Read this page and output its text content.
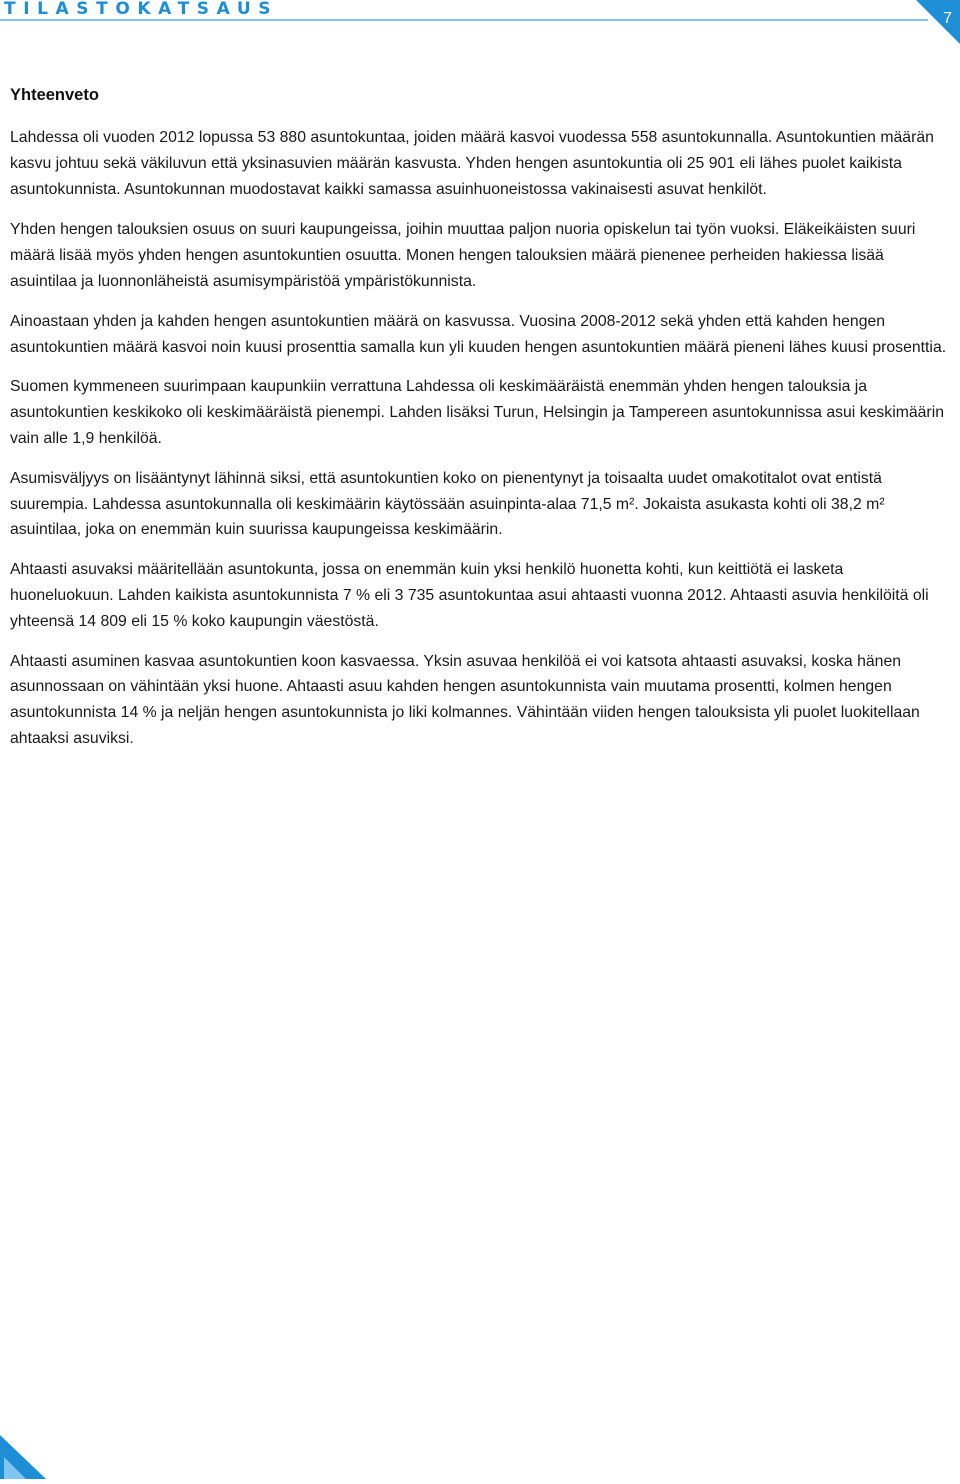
TILASTOKATSAUS	7
Yhteenveto

Lahdessa oli vuoden 2012 lopussa 53 880 asuntokuntaa, joiden määrä kasvoi vuodessa 558 asuntokunnalla. Asuntokuntien määrän kasvu johtuu sekä väkiluvun että yksinasuvien määrän kasvusta. Yhden hengen asuntokuntia oli 25 901 eli lähes puolet kaikista asuntokunnista. Asuntokunnan muodostavat kaikki samassa asuinhuoneistossa vakinaisesti asuvat henkilöt.

Yhden hengen talouksien osuus on suuri kaupungeissa, joihin muuttaa paljon nuoria opiskelun tai työn vuoksi. Eläkeikäisten suuri määrä lisää myös yhden hengen asuntokuntien osuutta. Monen hengen talouksien määrä pienenee perheiden hakiessa lisää asuintilaa ja luonnonläheistä asumisympäristöä ympäristökunnista.

Ainoastaan yhden ja kahden hengen asuntokuntien määrä on kasvussa. Vuosina 2008-2012 sekä yhden että kahden hengen asuntokuntien määrä kasvoi noin kuusi prosenttia samalla kun yli kuuden hengen asuntokuntien määrä pieneni lähes kuusi prosenttia.

Suomen kymmeneen suurimpaan kaupunkiin verrattuna Lahdessa oli keskimääräistä enemmän yhden hengen talouksia ja asuntokuntien keskikoko oli keskimääräistä pienempi. Lahden lisäksi Turun, Helsingin ja Tampereen asuntokunnissa asui keskimäärin vain alle 1,9 henkilöä.

Asumisväljyys on lisääntynyt lähinnä siksi, että asuntokuntien koko on pienentynyt ja toisaalta uudet omakotitalot ovat entistä suurempia. Lahdessa asuntokunnalla oli keskimäärin käytössään asuinpinta-alaa 71,5 m². Jokaista asukasta kohti oli 38,2 m² asuintilaa, joka on enemmän kuin suurissa kaupungeissa keskimäärin.

Ahtaasti asuvaksi määritellään asuntokunta, jossa on enemmän kuin yksi henkilö huonetta kohti, kun keittiötä ei lasketa huoneluokuun. Lahden kaikista asuntokunnista 7 % eli 3 735 asuntokuntaa asui ahtaasti vuonna 2012. Ahtaasti asuvia henkilöitä oli yhteensä 14 809 eli 15 % koko kaupungin väestöstä.

Ahtaasti asuminen kasvaa asuntokuntien koon kasvaessa. Yksin asuvaa henkilöä ei voi katsota ahtaasti asuvaksi, koska hänen asunnossaan on vähintään yksi huone. Ahtaasti asuu kahden hengen asuntokunnista vain muutama prosentti, kolmen hengen asuntokunnista 14 % ja neljän hengen asuntokunnista jo liki kolmannes. Vähintään viiden hengen talouksista yli puolet luokitellaan ahtaaksi asuviksi.
